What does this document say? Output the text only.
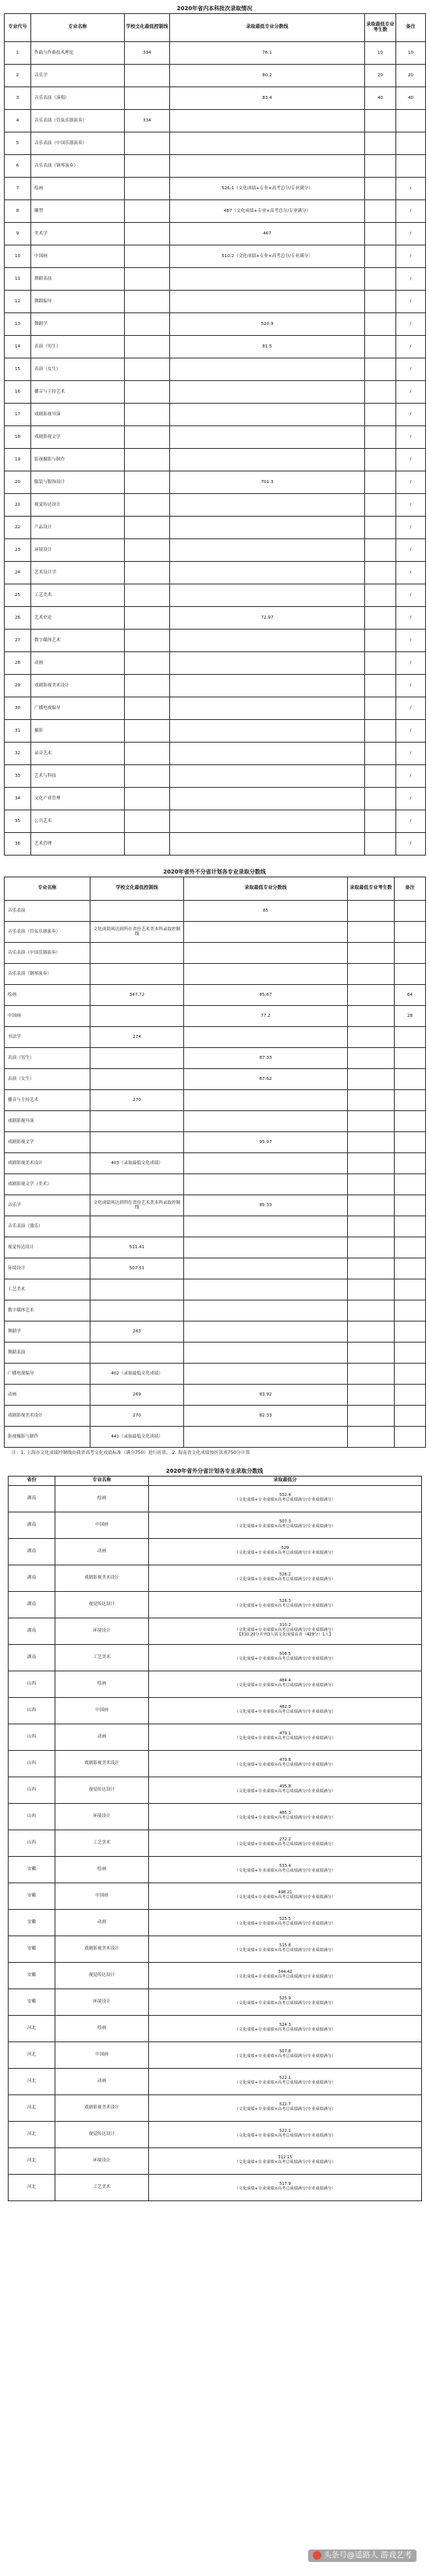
2020年省内本科批次录取情况
专业代号	专业名称	学校文化最低控制线	录取最低专业分数线	录取最低专业考生数	备注
1	作曲与作曲技术理论	334	76.1	10	10
2	音乐学		80.2	20	20
3	音乐表演（演唱）		83.4	40	40
4	音乐表演（管弦乐器演奏）	334			
5	音乐表演（中国乐器演奏）				
6	音乐表演（钢琴演奏）				
7	绘画		526.1（文化成绩+专业×高考总分/专业满分）		/
8	雕塑		487（文化成绩+专业×高考总分/专业满分）		/
9	美术学		467		/
10	中国画		510.2（文化成绩+专业×高考总分/专业满分）		/
11	舞蹈表演				/
12	舞蹈编导				/
13	舞蹈学		520.9		/
14	表演（男生）		81.5		/
15	表演（女生）				/
16	播音与主持艺术				/
17	戏剧影视导演				/
18	戏剧影视文学				/
19	影视摄影与制作				/
20	服装与服饰设计		701.3		/
21	视觉传达设计				/
22	产品设计				/
23	环境设计				/
24	艺术设计学				/
25	工艺美术				/
26	艺术史论		72.97		/
27	数字媒体艺术				/
28	动画				/
29	戏剧影视美术设计				/
30	广播电视编导				/
31	摄影				/
32	录音艺术				/
33	艺术与科技				/
34	文化产业管理				/
35	公共艺术				/
36	艺术管理				/
2020年省外不分省计划各专业录取分数线
专业名称	学校文化最低控制线	录取最低专业分数线	录取最低专业考生数	备注
音乐表演		85		
音乐表演（管弦乐器演奏）	文化成绩须达到所在省份艺术类本科录取控制线			
音乐表演（中国乐器演奏）				
音乐表演（钢琴演奏）				
绘画	347.72	85.67		64
中国画		77.2		28
书法学	274			
表演（男生）		87.33		
表演（女生）		87.62		
播音与主持艺术	270			
戏剧影视导演				
戏剧影视文学		95.97		
戏剧影视美术设计	403（录取最低文化成绩）			
戏剧影视文学（美术）				
音乐学	文化成绩须达到所在省份艺术类本科录取控制线	85.33		
音乐表演（器乐）				
视觉传达设计	511.41			
环境设计	507.51			
工艺美术				
数字媒体艺术				
舞蹈学	263			
舞蹈表演				
广播电视编导	402（录取最低文化成绩）			
动画	269	83.92		
戏剧影视美术设计	270	82.33		
影视摄影与制作	441（录取最低文化成绩）			
注：1. 上海市文化成绩控制线由我省高考文化成绩标准（满分750）进行折算。 2. 海南省文化成绩按折算成750分计算
2020年省外分省计划各专业录取分数线
省份	专业名称	录取最低分
湖南	绘画	532.4
（文化成绩+专业成绩×高考总成绩满分/专业成绩满分）

湖南	中国画	507.3
（文化成绩+专业成绩×高考总成绩满分/专业成绩满分）

湖南	动画	529
（文化成绩+专业成绩×高考总成绩满分/专业成绩满分）

湖南	戏剧影视美术设计	526.2
（文化成绩+专业成绩×高考总成绩满分/专业成绩满分）

湖南	视觉传达设计	526.3
（文化成绩+专业成绩×高考总成绩满分/专业成绩满分）

湖南	环境设计	310.2
（文化成绩+专业成绩×高考总成绩满分/专业成绩满分）
【310.20分并列3人需文化成绩高者（429分）1人】

湖南	工艺美术	508.5
（文化成绩+专业成绩×高考总成绩满分/专业成绩满分）

山西	绘画	484.4
（文化成绩+专业成绩×高考总成绩满分/专业成绩满分）

山西	中国画	482.9
（文化成绩+专业成绩×高考总成绩满分/专业成绩满分）

山西	动画	479.1
（文化成绩+专业成绩×高考总成绩满分/专业成绩满分）

山西	戏剧影视美术设计	479.8
（文化成绩+专业成绩×高考总成绩满分/专业成绩满分）

山西	视觉传达设计	495.8
（文化成绩+专业成绩×高考总成绩满分/专业成绩满分）

山西	环境设计	485.3
（文化成绩+专业成绩×高考总成绩满分/专业成绩满分）

山西	工艺美术	272.2
（文化成绩+专业成绩×高考总成绩满分/专业成绩满分）

安徽	绘画	533.4
（文化成绩+专业成绩×高考总成绩满分/专业成绩满分）

安徽	中国画	498.21
（文化成绩+专业成绩×高考总成绩满分/专业成绩满分）

安徽	动画	525.5
（文化成绩+专业成绩×高考总成绩满分/专业成绩满分）

安徽	戏剧影视美术设计	515.8
（文化成绩+专业成绩×高考总成绩满分/专业成绩满分）

安徽	视觉传达设计	344.42
（文化成绩+专业成绩×高考总成绩满分/专业成绩满分）

安徽	环境设计	525.9
（文化成绩+专业成绩×高考总成绩满分/专业成绩满分）

河北	绘画	524.3
（文化成绩+专业成绩×高考总成绩满分/专业成绩满分）

河北	中国画	507.8
（文化成绩+专业成绩×高考总成绩满分/专业成绩满分）

河北	动画	522.1
（文化成绩+专业成绩×高考总成绩满分/专业成绩满分）

河北	戏剧影视美术设计	522.7
（文化成绩+专业成绩×高考总成绩满分/专业成绩满分）

河北	视觉传达设计	522.1
（文化成绩+专业成绩×高考总成绩满分/专业成绩满分）

河北	环境设计	312.15
（文化成绩+专业成绩×高考总成绩满分/专业成绩满分）

河北	工艺美术	517.9
（文化成绩+专业成绩×高考总成绩满分/专业成绩满分）
头条号@遥路人 游戏艺考
